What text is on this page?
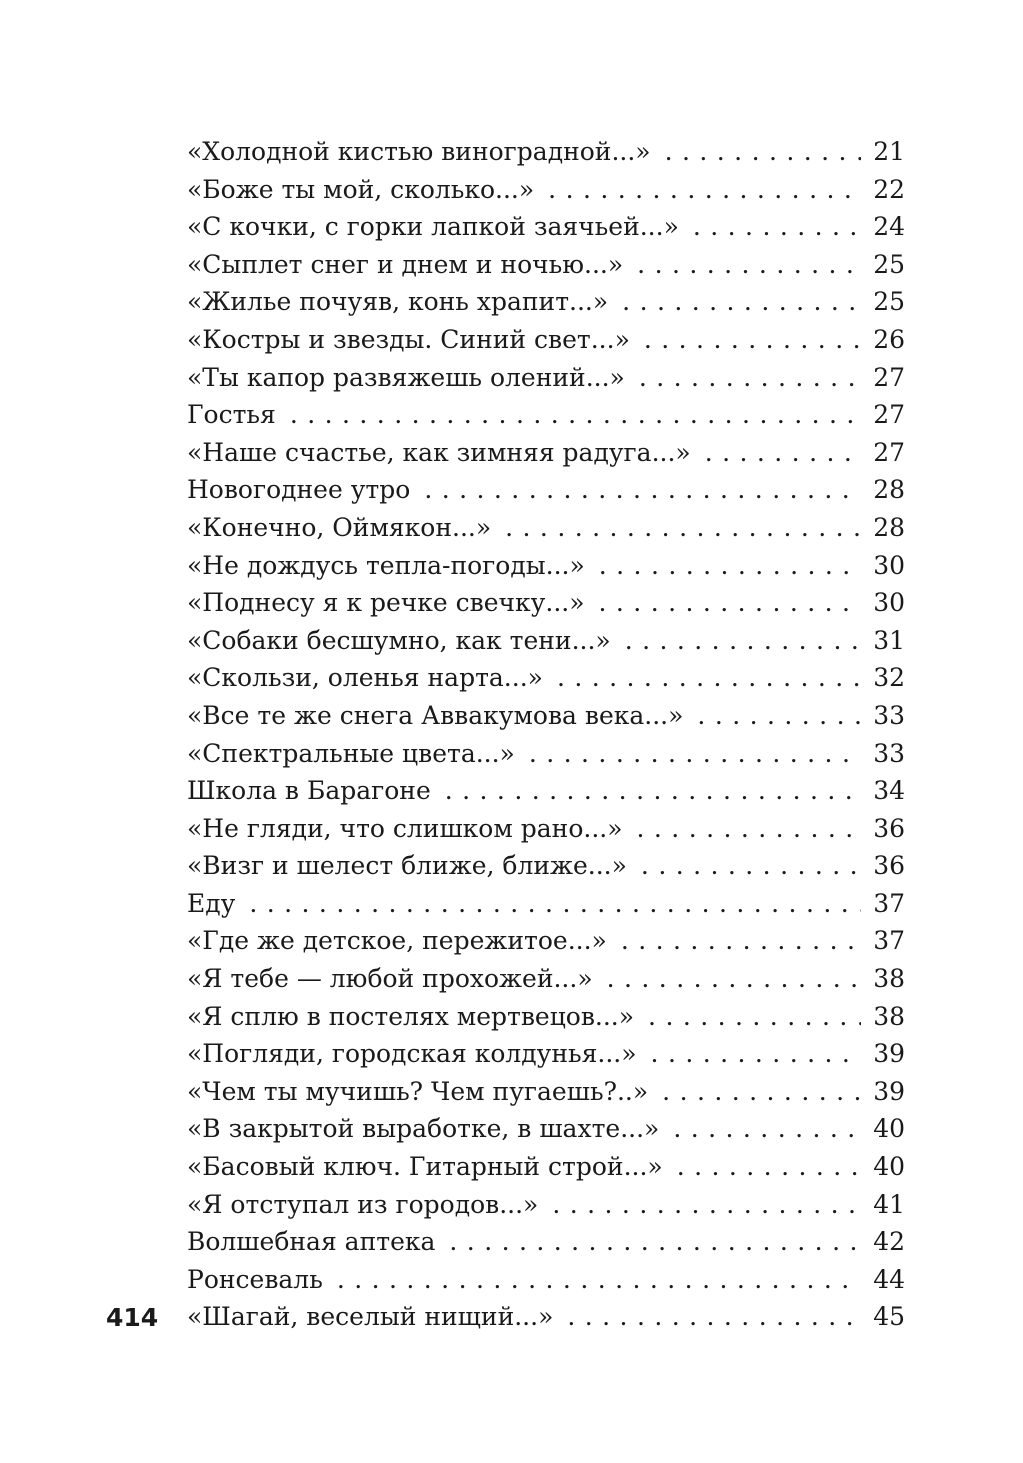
«Холодной кистью виноградной...» . . .	21
«Боже ты мой, сколько...» . . .	22
«С кочки, с горки лапкой заячьей...» . . .	24
«Сыплет снег и днем и ночью...» . . .	25
«Жилье почуяв, конь храпит...» . . .	25
«Костры и звезды. Синий свет...» . . .	26
«Ты капор развяжешь олений...» . . .	27
Гостья . . .	27
«Наше счастье, как зимняя радуга...» . . .	27
Новогоднее утро . . .	28
«Конечно, Оймякон...» . . .	28
«Не дождусь тепла-погоды...» . . .	30
«Поднесу я к речке свечку...» . . .	30
«Собаки бесшумно, как тени...» . . .	31
«Скользи, оленья нарта...» . . .	32
«Все те же снега Аввакумова века...» . . .	33
«Спектральные цвета...» . . .	33
Школа в Барагоне . . .	34
«Не гляди, что слишком рано...» . . .	36
«Визг и шелест ближе, ближе...» . . .	36
Еду . . .	37
«Где же детское, пережитое...» . . .	37
«Я тебе — любой прохожей...» . . .	38
«Я сплю в постелях мертвецов...» . . .	38
«Погляди, городская колдунья...» . . .	39
«Чем ты мучишь? Чем пугаешь?..» . . .	39
«В закрытой выработке, в шахте...» . . .	40
«Басовый ключ. Гитарный строй...» . . .	40
«Я отступал из городов...» . . .	41
Волшебная аптека . . .	42
Ронсеваль . . .	44
«Шагай, веселый нищий...» . . .	45
414
